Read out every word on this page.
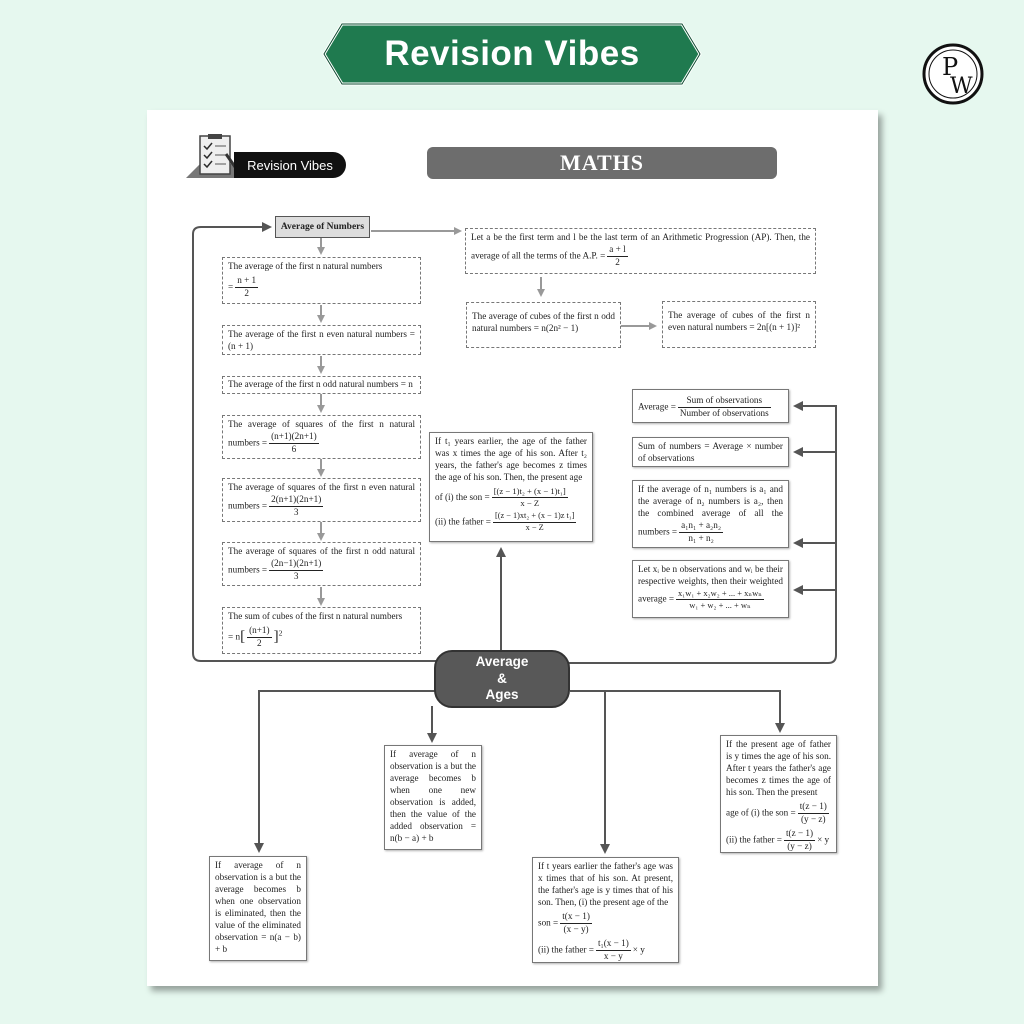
Revision Vibes	P
W
Revision Vibes	MATHS
Average of Numbers
The average of the first n natural numbers
= $\frac{n + 1}{2}$
The average of the first n even natural numbers = (n + 1)
The average of the first n odd natural numbers = n
The average of squares of the first n natural numbers = $\frac{(n+1)(2n+1)}{6}$
The average of squares of the first n even natural numbers = $\frac{2(n+1)(2n+1)}{3}$
The average of squares of the first n odd natural numbers = $\frac{(2n-1)(2n+1)}{3}$
The sum of cubes of the first n natural numbers
= $n[ \frac{(n+1)}{2} ]^2$
Let a be the first term and l be the last term of an Arithmetic Progression (AP). Then, the average of all the terms of the A.P. = $\frac{a + l}{2}$
The average of cubes of the first n odd natural numbers = n(2n² − 1)
The average of cubes of the first n even natural numbers = 2n[(n + 1)]²
Average = $\frac{\text{Sum of observations}}{\text{Number of observations}}$
Sum of numbers = Average × number of observations
If the average of n₁ numbers is a₁ and the average of n₂ numbers is a₂, then the combined average of all the numbers = $\frac{\text{a₁n₁ + a₂n₂}}{\text{n₁ + n₂}}$
Let xᵢ be n observations and wᵢ be their respective weights, then their weighted average = $\frac{\text{x₁w₁ + x₂w₂ + ... + xₙwₙ}}{\text{w₁ + w₂ + ... + wₙ}}$
If t₁ years earlier, the age of the father was x times the age of his son. After t₂ years, the father's age becomes z times the age of his son. Then, the present age
of (i) the son = $\frac{\text{[(z − 1)t₂ + (x − 1)t₁]}}{x - Z}$
(ii) the father = $\frac{\text{[(z − 1)xt₂ + (x − 1)z t₁]}}{x - Z}$
Average
&
Ages
If average of n observation is a but the average becomes b when one observation is eliminated, then the value of the eliminated observation = n(a − b) + b
If average of n observation is a but the average becomes b when one new observation is added, then the value of the added observation = n(b − a) + b
If t years earlier the father's age was x times that of his son. At present, the father's age is y times that of his son. Then, (i) the present age of the
son = $\frac{t(x - 1)}{(x - y)}$
(ii) the father = $\frac{\text{t₁(x − 1)}}{x - y} \times y$
If the present age of father is y times the age of his son. After t years the father's age becomes z times the age of his son. Then the present
age of (i) the son = $\frac{t(z - 1)}{(y - z)}$
(ii) the father = $\frac{t(z - 1)}{(y - z)} \times y$
